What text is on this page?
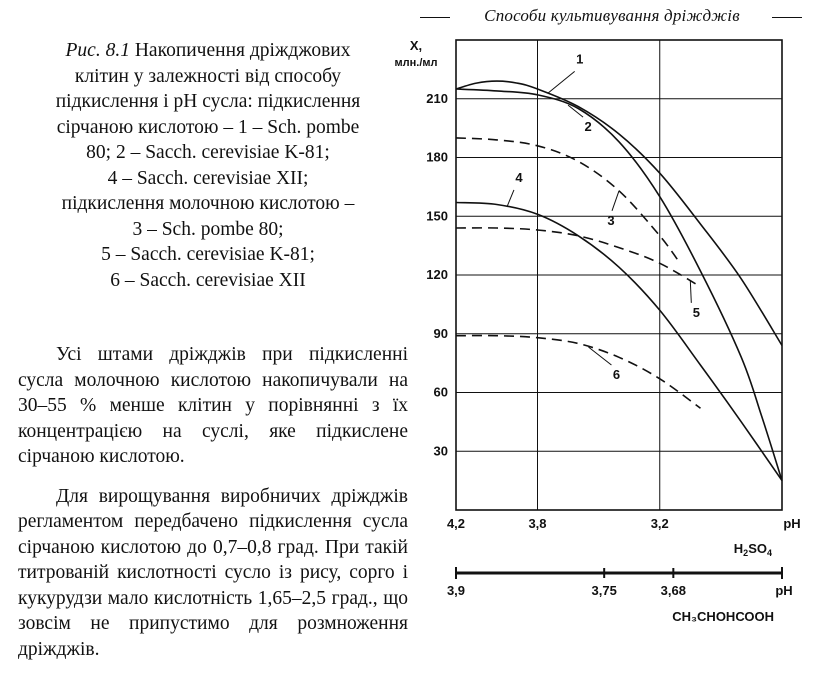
Способи культивування дріжджів
Рис. 8.1 Накопичення дріжджових
клітин у залежності від способу
підкислення і рН сусла: підкислення
сірчаною кислотою – 1 – Sch. pombe
80; 2 – Sacch. cerevisiae K-81;
4 – Sacch. cerevisiae XII;
підкислення молочною кислотою –
3 – Sch. pombe 80;
5 – Sacch. cerevisiae K-81;
6 – Sacch. cerevisiae XII

Усі штами дріжджів при підкисленні сусла молочною кислотою накопичували на 30–55 % менше клітин у порівнянні з їх концентрацією на суслі, яке підкислене сірчаною кислотою.

Для вирощування виробничих дріжджів регламентом передбачено підкислення сусла сірчаною кислотою до 0,7–0,8 град. При такій титрованій кислотності сусло із рису, сорго і кукурудзи мало кислотність 1,65–2,5 град., що зовсім не припустимо для розмноження дріжджів.

30
60
90
120
150
180
210
4,2	3,8	3,2	pH
$H_2SO_4$
3,9	3,75	3,68	pH
СН₃СНОНСООН
X,
млн./мл	1
2
3
4
5
6
